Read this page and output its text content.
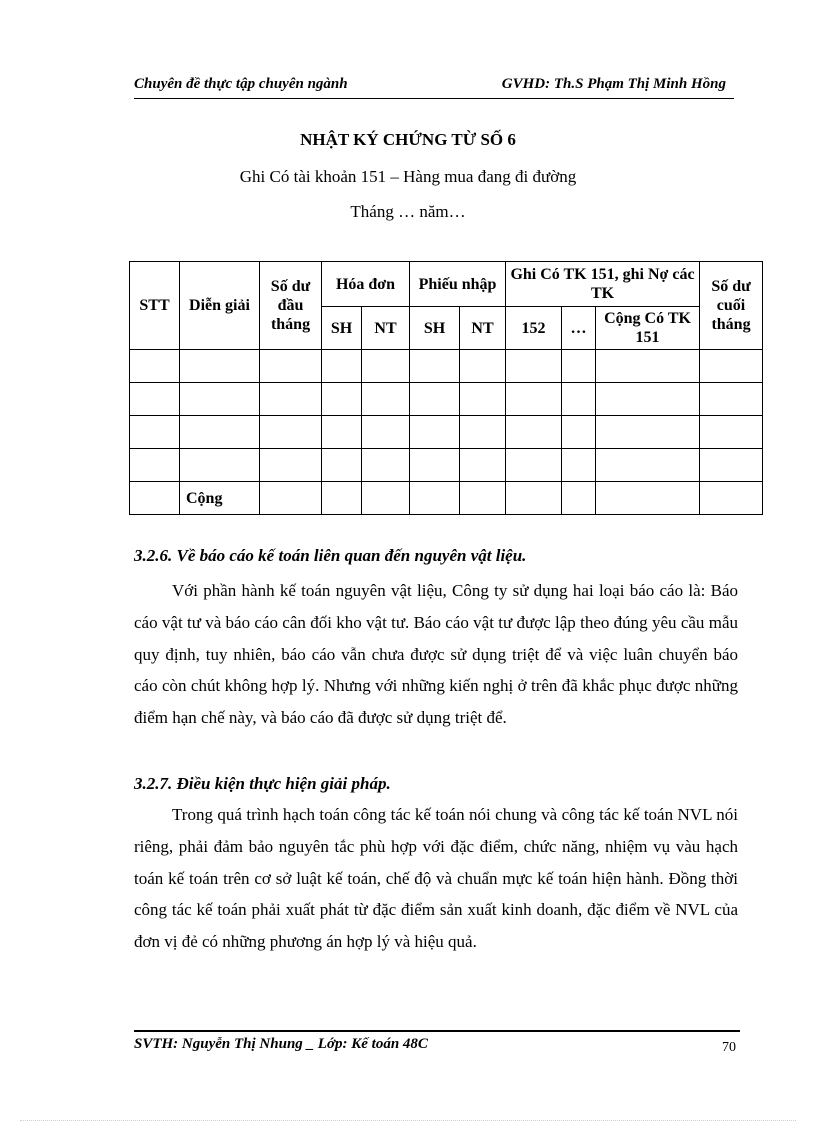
Chuyên đề thực tập chuyên ngành	GVHD: Th.S Phạm Thị Minh Hồng
NHẬT KÝ CHỨNG TỪ SỐ 6
Ghi Có tài khoản 151 – Hàng mua đang đi đường
Tháng … năm…
STT	Diễn giải	Số dư đầu tháng	Hóa đơn		Phiếu nhập		Ghi Có TK 151, ghi Nợ các TK			Số dư cuối tháng
			SH	NT	SH	NT	152	…	Cộng Có TK 151	

	Cộng									
3.2.6. Về báo cáo kế toán liên quan đến nguyên vật liệu.

Với phần hành kế toán nguyên vật liệu, Công ty sử dụng hai loại báo cáo là: Báo cáo vật tư và báo cáo cân đối kho vật tư. Báo cáo vật tư được lập theo đúng yêu cầu mẫu quy định, tuy nhiên, báo cáo vẫn chưa được sử dụng triệt để và việc luân chuyển báo cáo còn chút không hợp lý. Nhưng với những kiến nghị ở trên đã khắc phục được những điểm hạn chế này, và báo cáo đã được sử dụng triệt để.

3.2.7. Điều kiện thực hiện giải pháp.

Trong quá trình hạch toán công tác kế toán nói chung và công tác kế toán NVL nói riêng, phải đảm bảo nguyên tắc phù hợp với đặc điểm, chức năng, nhiệm vụ vàu hạch toán kế toán trên cơ sở luật kế toán, chế độ và chuẩn mực kế toán hiện hành. Đồng thời công tác kế toán phải xuất phát từ đặc điểm sản xuất kinh doanh, đặc điểm về NVL của đơn vị đẻ có những phương án hợp lý và hiệu quả.

SVTH: Nguyễn Thị Nhung _ Lớp: Kế toán 48C	70
